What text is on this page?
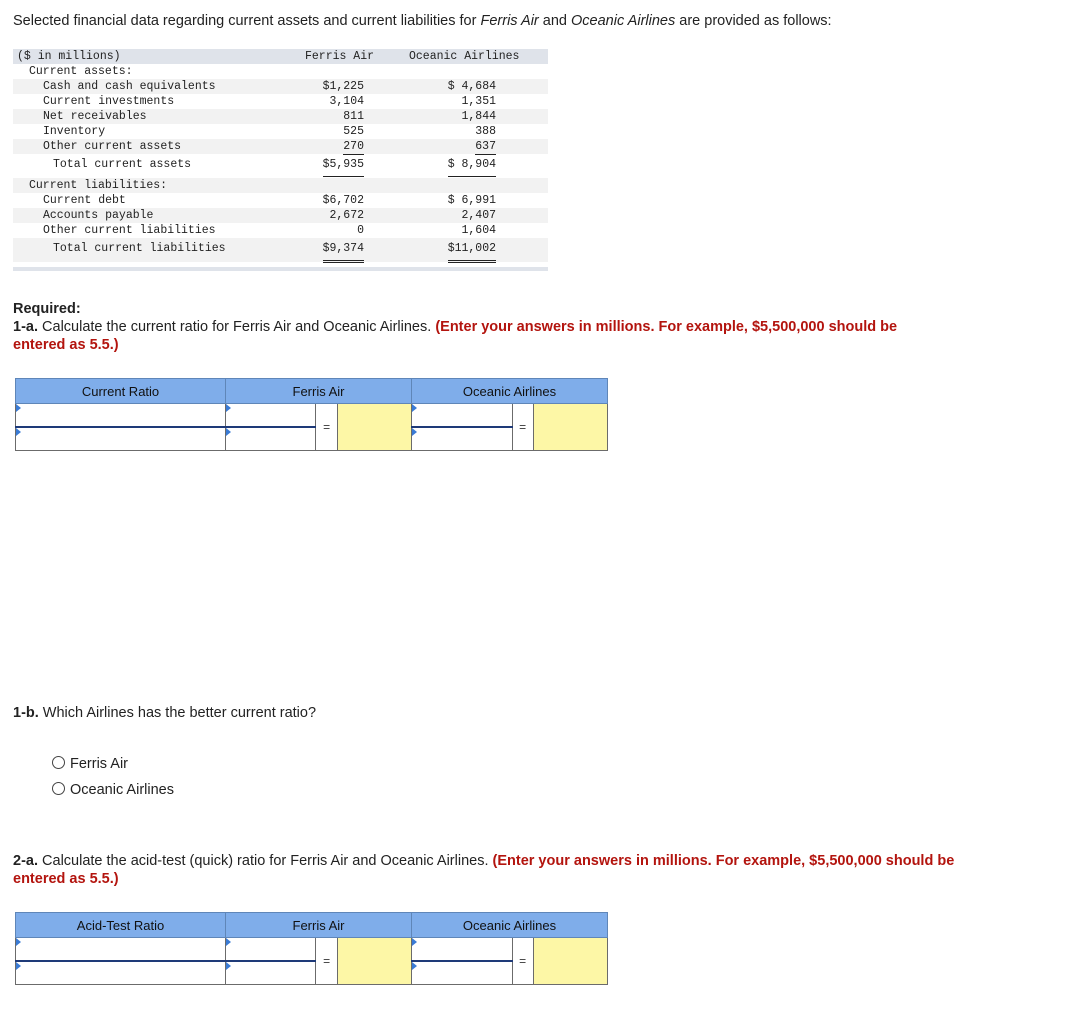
Selected financial data regarding current assets and current liabilities for Ferris Air and Oceanic Airlines are provided as follows:
($ in millions)	Ferris Air	Oceanic Airlines
Current assets:
Cash and cash equivalents	$1,225	$ 4,684
Current investments	3,104	1,351
Net receivables	811	1,844
Inventory	525	388
Other current assets	270	637
Total current assets	$5,935	$ 8,904
Current liabilities:
Current debt	$6,702	$ 6,991
Accounts payable	2,672	2,407
Other current liabilities	0	1,604
Total current liabilities	$9,374	$11,002
Required:
1-a. Calculate the current ratio for Ferris Air and Oceanic Airlines. (Enter your answers in millions. For example, $5,500,000 should be entered as 5.5.)
Current Ratio	Ferris Air			Oceanic Airlines		

	=			=	

1-b. Which Airlines has the better current ratio?
Ferris Air
Oceanic Airlines
2-a. Calculate the acid-test (quick) ratio for Ferris Air and Oceanic Airlines. (Enter your answers in millions. For example, $5,500,000 should be entered as 5.5.)
Acid-Test Ratio	Ferris Air			Oceanic Airlines		

	=			=	
